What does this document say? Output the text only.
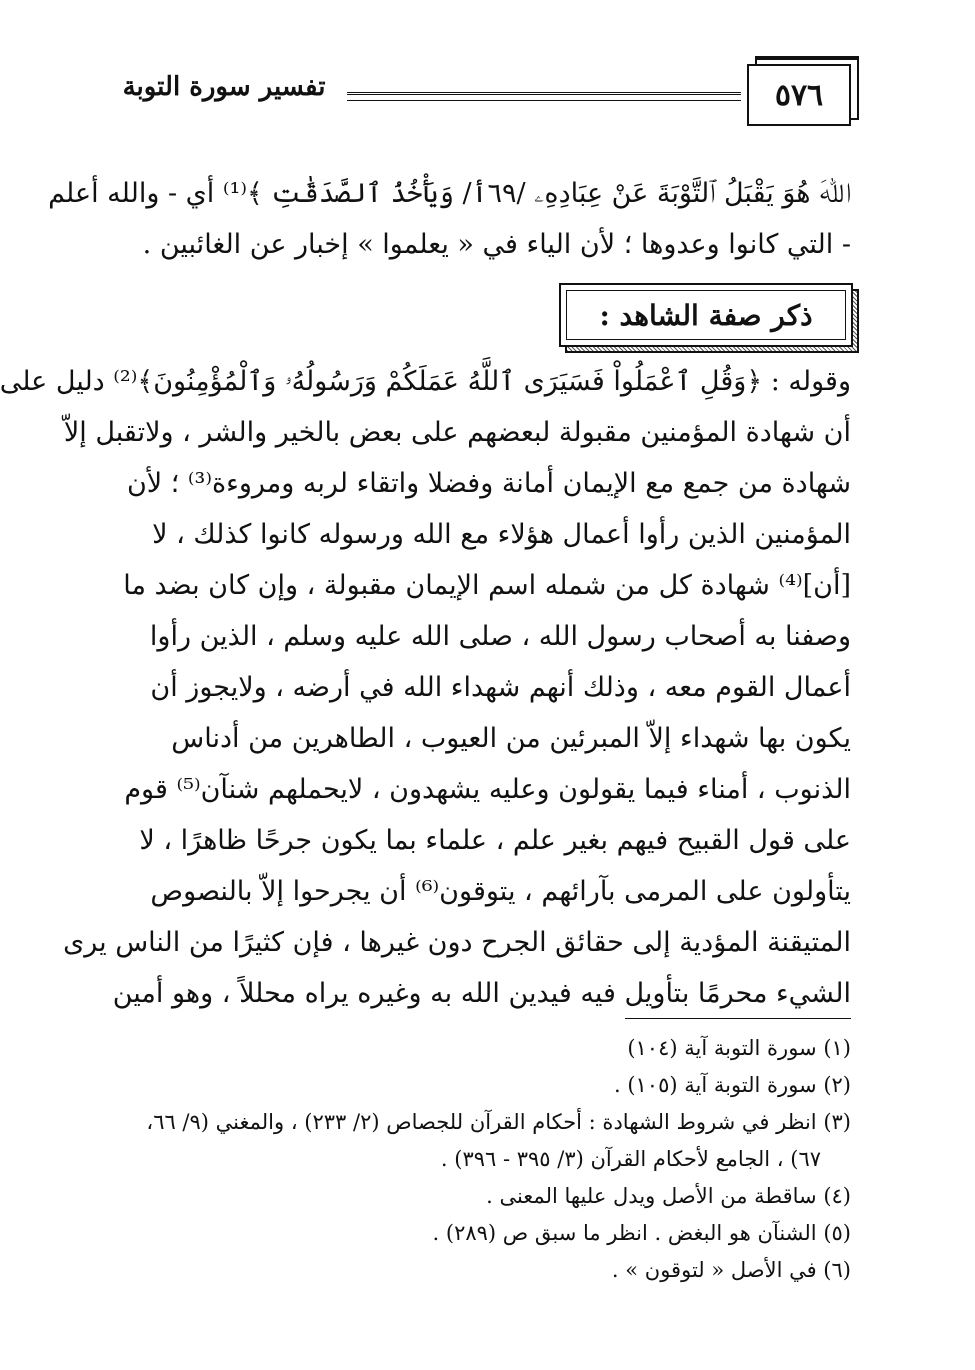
٥٧٦
تفسير سورة التوبة
ﷲَ هُوَ يَقْبَلُ ٱلتَّوْبَةَ عَنْ عِبَادِهِۦ /٦٩أ/ وَيَأْخُذُ ٱلصَّدَقَٰتِ ﴾⁽¹⁾ أي - والله أعلم
- التي كانوا وعدوها ؛ لأن الياء في « يعلموا » إخبار عن الغائبين .
ذكر صفة الشاهد :
وقوله : ﴿وَقُلِ ٱعْمَلُواْ فَسَيَرَى ٱللَّهُ عَمَلَكُمْ وَرَسُولُهُۥ وَٱلْمُؤْمِنُونَ﴾⁽²⁾ دليل على
أن شهادة المؤمنين مقبولة لبعضهم على بعض بالخير والشر ، ولاتقبل إلاّ
شهادة من جمع مع الإيمان أمانة وفضلا واتقاء لربه ومروءة⁽³⁾ ؛ لأن
المؤمنين الذين رأوا أعمال هؤلاء مع الله ورسوله كانوا كذلك ، لا
[أن]⁽⁴⁾ شهادة كل من شمله اسم الإيمان مقبولة ، وإن كان بضد ما
وصفنا به أصحاب رسول الله ، صلى الله عليه وسلم ، الذين رأوا
أعمال القوم معه ، وذلك أنهم شهداء الله في أرضه ، ولايجوز أن
يكون بها شهداء إلاّ المبرئين من العيوب ، الطاهرين من أدناس
الذنوب ، أمناء فيما يقولون وعليه يشهدون ، لايحملهم شنآن⁽⁵⁾ قوم
على قول القبيح فيهم بغير علم ، علماء بما يكون جرحًا ظاهرًا ، لا
يتأولون على المرمى بآرائهم ، يتوقون⁽⁶⁾ أن يجرحوا إلاّ بالنصوص
المتيقنة المؤدية إلى حقائق الجرح دون غيرها ، فإن كثيرًا من الناس يرى
الشيء محرمًا بتأويل فيه فيدين الله به وغيره يراه محللاً ، وهو أمين
(١) سورة التوبة آية (١٠٤)
(٢) سورة التوبة آية (١٠٥) .
(٣) انظر في شروط الشهادة : أحكام القرآن للجصاص (٢/ ٢٣٣) ، والمغني (٩/ ٦٦،
٦٧) ، الجامع لأحكام القرآن (٣/ ٣٩٥ - ٣٩٦) .
(٤) ساقطة من الأصل ويدل عليها المعنى .
(٥) الشنآن هو البغض . انظر ما سبق ص (٢٨٩) .
(٦) في الأصل « لتوقون » .
